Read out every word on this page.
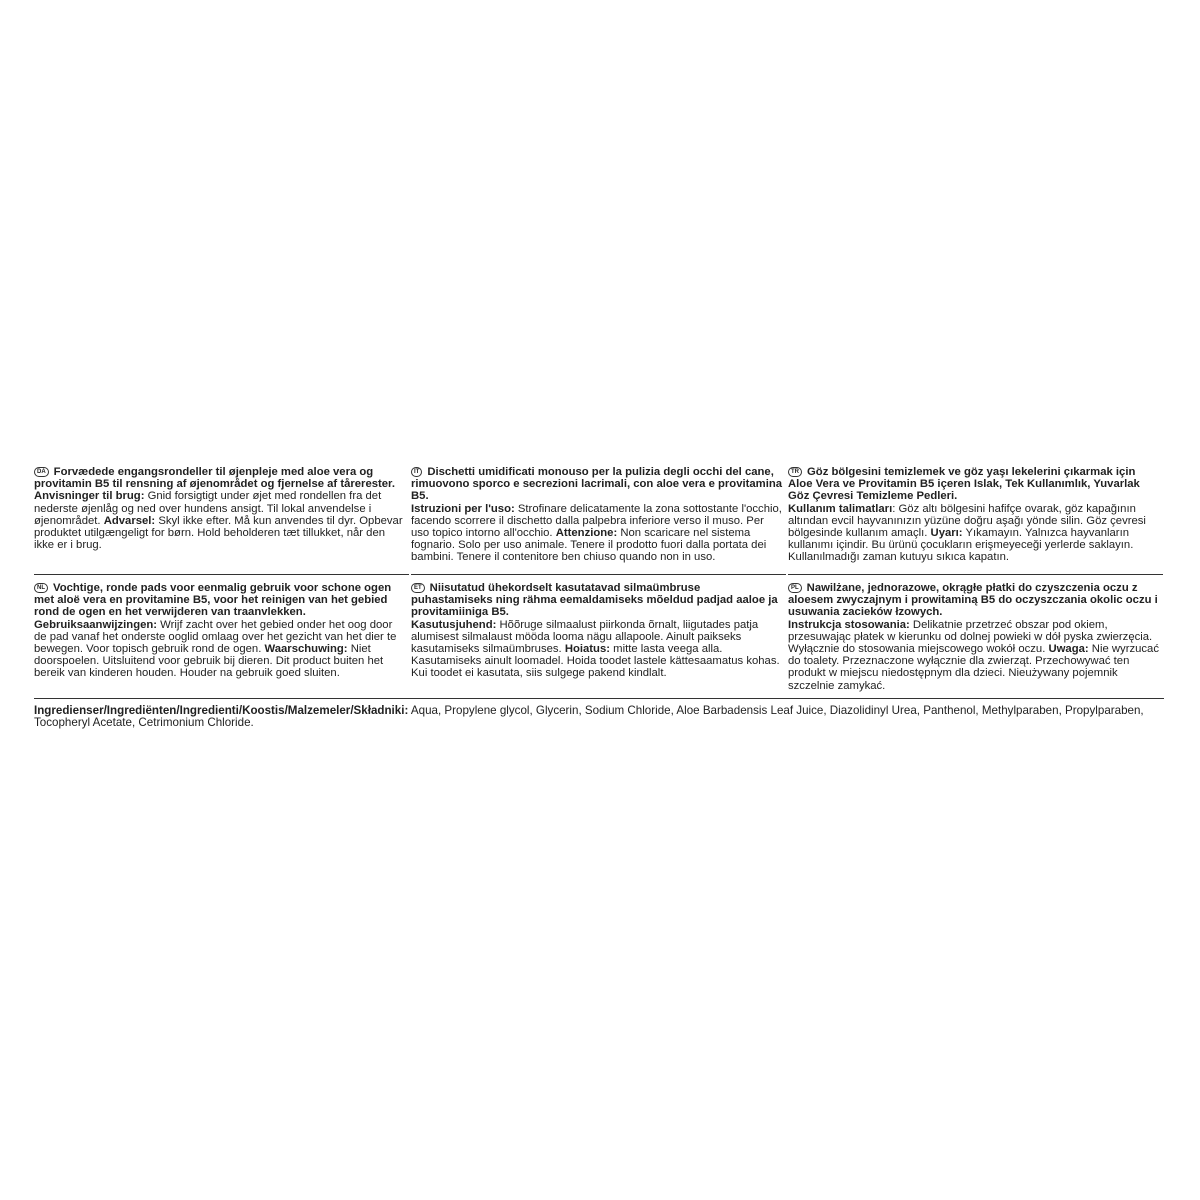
DA Forvædede engangsrondeller til øjenpleje med aloe vera og provitamin B5 til rensning af øjenområdet og fjernelse af tårerester.
Anvisninger til brug: Gnid forsigtigt under øjet med rondellen fra det nederste øjenlåg og ned over hundens ansigt. Til lokal anvendelse i øjenområdet. Advarsel: Skyl ikke efter. Må kun anvendes til dyr. Opbevar produktet utilgængeligt for børn. Hold beholderen tæt tillukket, når den ikke er i brug.
IT Dischetti umidificati monouso per la pulizia degli occhi del cane, rimuovono sporco e secrezioni lacrimali, con aloe vera e provitamina B5.
Istruzioni per l'uso: Strofinare delicatamente la zona sottostante l'occhio, facendo scorrere il dischetto dalla palpebra inferiore verso il muso. Per uso topico intorno all'occhio. Attenzione: Non scaricare nel sistema fognario. Solo per uso animale. Tenere il prodotto fuori dalla portata dei bambini. Tenere il contenitore ben chiuso quando non in uso.
TR Göz bölgesini temizlemek ve göz yaşı lekelerini çıkarmak için Aloe Vera ve Provitamin B5 içeren Islak, Tek Kullanımlık, Yuvarlak Göz Çevresi Temizleme Pedleri.
Kullanım talimatları: Göz altı bölgesini hafifçe ovarak, göz kapağının altından evcil hayvanınızın yüzüne doğru aşağı yönde silin. Göz çevresi bölgesinde kullanım amaçlı. Uyarı: Yıkamayın. Yalnızca hayvanların kullanımı içindir. Bu ürünü çocukların erişmeyeceği yerlerde saklayın. Kullanılmadığı zaman kutuyu sıkıca kapatın.
NL Vochtige, ronde pads voor eenmalig gebruik voor schone ogen met aloë vera en provitamine B5, voor het reinigen van het gebied rond de ogen en het verwijderen van traanvlekken.
Gebruiksaanwijzingen: Wrijf zacht over het gebied onder het oog door de pad vanaf het onderste ooglid omlaag over het gezicht van het dier te bewegen. Voor topisch gebruik rond de ogen. Waarschuwing: Niet doorspoelen. Uitsluitend voor gebruik bij dieren. Dit product buiten het bereik van kinderen houden. Houder na gebruik goed sluiten.
ET Niisutatud ühekordselt kasutatavad silmaümbruse puhastamiseks ning rähma eemaldamiseks mõeldud padjad aaloe ja provitamiiniga B5.
Kasutusjuhend: Hõõruge silmaalust piirkonda õrnalt, liigutades patja alumisest silmalaust mööda looma nägu allapoole. Ainult paikseks kasutamiseks silmaümbruses. Hoiatus: mitte lasta veega alla. Kasutamiseks ainult loomadel. Hoida toodet lastele kättesaamatus kohas. Kui toodet ei kasutata, siis sulgege pakend kindlalt.
PL Nawilżane, jednorazowe, okrągłe płatki do czyszczenia oczu z aloesem zwyczajnym i prowitaminą B5 do oczyszczania okolic oczu i usuwania zacieków łzowych.
Instrukcja stosowania: Delikatnie przetrzeć obszar pod okiem, przesuwając płatek w kierunku od dolnej powieki w dół pyska zwierzęcia. Wyłącznie do stosowania miejscowego wokół oczu. Uwaga: Nie wyrzucać do toalety. Przeznaczone wyłącznie dla zwierząt. Przechowywać ten produkt w miejscu niedostępnym dla dzieci. Nieużywany pojemnik szczelnie zamykać.
Ingredienser/Ingrediënten/Ingredienti/Koostis/Malzemeler/Składniki: Aqua, Propylene glycol, Glycerin, Sodium Chloride, Aloe Barbadensis Leaf Juice, Diazolidinyl Urea, Panthenol, Methylparaben, Propylparaben, Tocopheryl Acetate, Cetrimonium Chloride.
